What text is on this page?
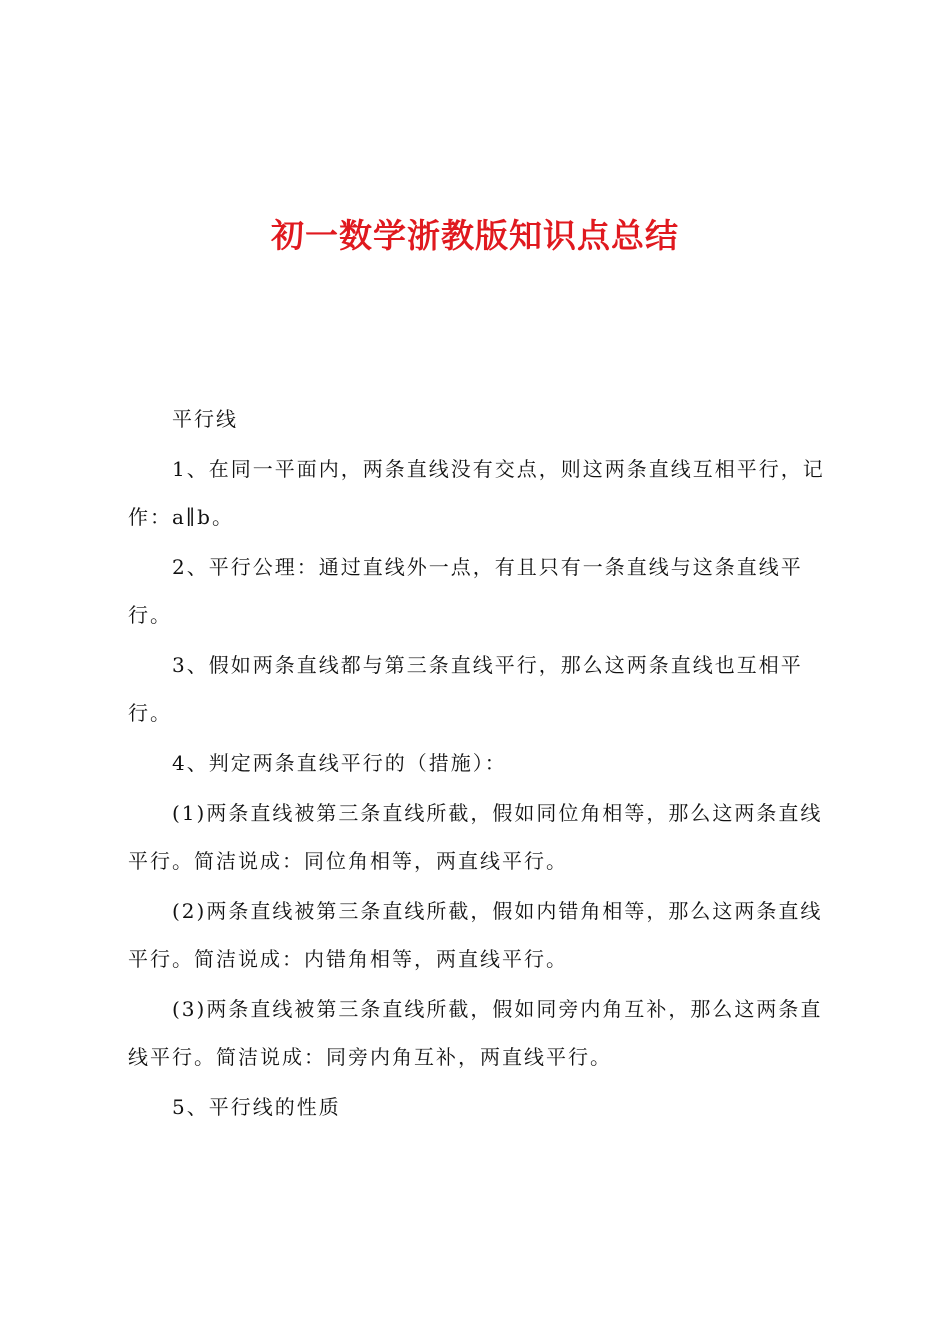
初一数学浙教版知识点总结

平行线

1、在同一平面内，两条直线没有交点，则这两条直线互相平行，记作：a∥b。

2、平行公理：通过直线外一点，有且只有一条直线与这条直线平行。

3、假如两条直线都与第三条直线平行，那么这两条直线也互相平行。

4、判定两条直线平行的（措施）：

(1)两条直线被第三条直线所截，假如同位角相等，那么这两条直线平行。简洁说成：同位角相等，两直线平行。

(2)两条直线被第三条直线所截，假如内错角相等，那么这两条直线平行。简洁说成：内错角相等，两直线平行。

(3)两条直线被第三条直线所截，假如同旁内角互补，那么这两条直线平行。简洁说成：同旁内角互补，两直线平行。

5、平行线的性质
